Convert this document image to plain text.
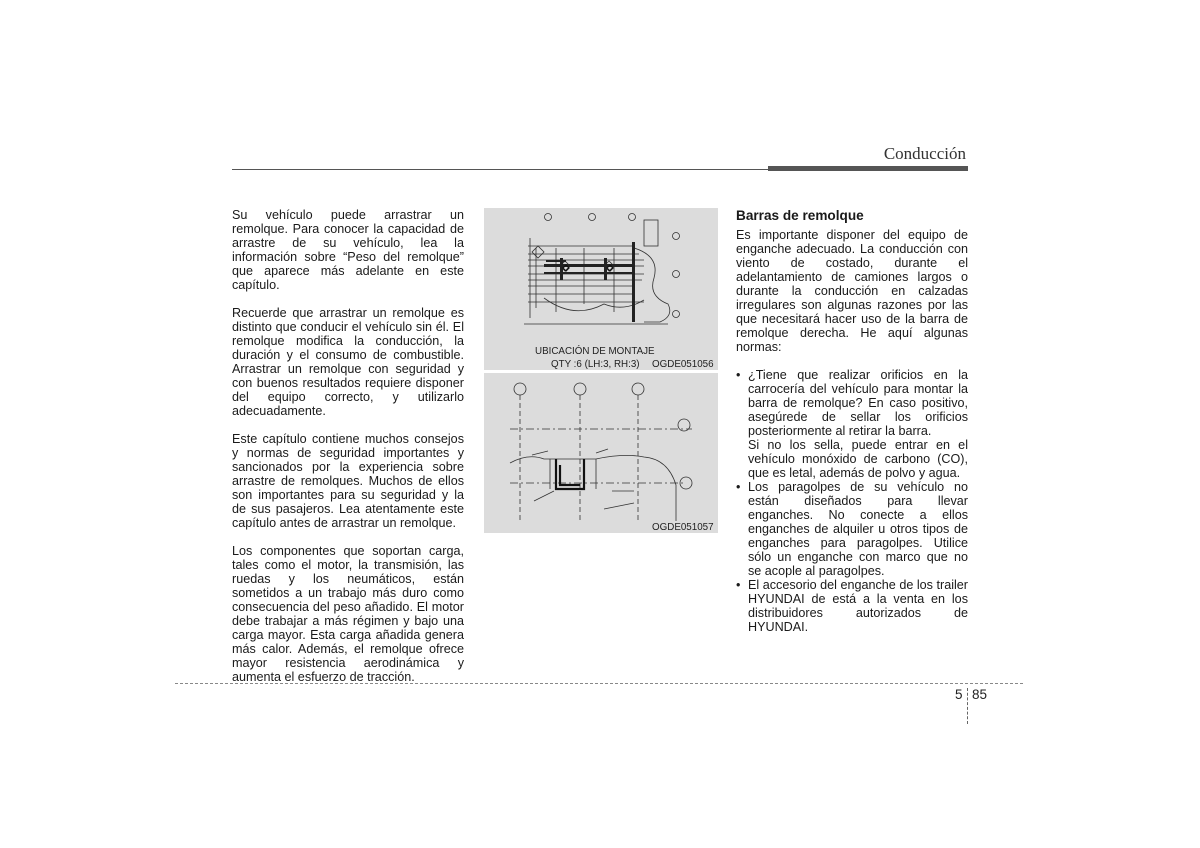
Conducción

Su vehículo puede arrastrar un remolque. Para conocer la capacidad de arrastre de su vehículo, lea la información sobre “Peso del remolque” que aparece más adelante en este capítulo.

Recuerde que arrastrar un remolque es distinto que conducir el vehículo sin él. El remolque modifica la conducción, la duración y el consumo de combustible. Arrastrar un remolque con seguridad y con buenos resultados requiere disponer del equipo correcto, y utilizarlo adecuadamente.

Este capítulo contiene muchos consejos y normas de seguridad importantes y sancionados por la experiencia sobre arrastre de remolques. Muchos de ellos son importantes para su seguridad y la de sus pasajeros. Lea atentamente este capítulo antes de arrastrar un remolque.

Los componentes que soportan carga, tales como el motor, la transmisión, las ruedas y los neumáticos, están sometidos a un trabajo más duro como consecuencia del peso añadido. El motor debe trabajar a más régimen y bajo una carga mayor. Esta carga añadida genera más calor. Además, el remolque ofrece mayor resistencia aerodinámica y aumenta el esfuerzo de tracción.

UBICACIÓN DE MONTAJE
QTY :6 (LH:3, RH:3) OGDE051056
OGDE051057
Barras de remolque

Es importante disponer del equipo de enganche adecuado. La conducción con viento de costado, durante el adelantamiento de camiones largos o durante la conducción en calzadas irregulares son algunas razones por las que necesitará hacer uso de la barra de remolque derecha. He aquí algunas normas:

• ¿Tiene que realizar orificios en la carrocería del vehículo para montar la barra de remolque? En caso positivo, asegúrede de sellar los orificios posteriormente al retirar la barra.
Si no los sella, puede entrar en el vehículo monóxido de carbono (CO), que es letal, además de polvo y agua.
• Los paragolpes de su vehículo no están diseñados para llevar enganches. No conecte a ellos enganches de alquiler u otros tipos de enganches para paragolpes. Utilice sólo un enganche con marco que no se acople al paragolpes.
• El accesorio del enganche de los trailer HYUNDAI de está a la venta en los distribuidores autorizados de HYUNDAI.
5 85
